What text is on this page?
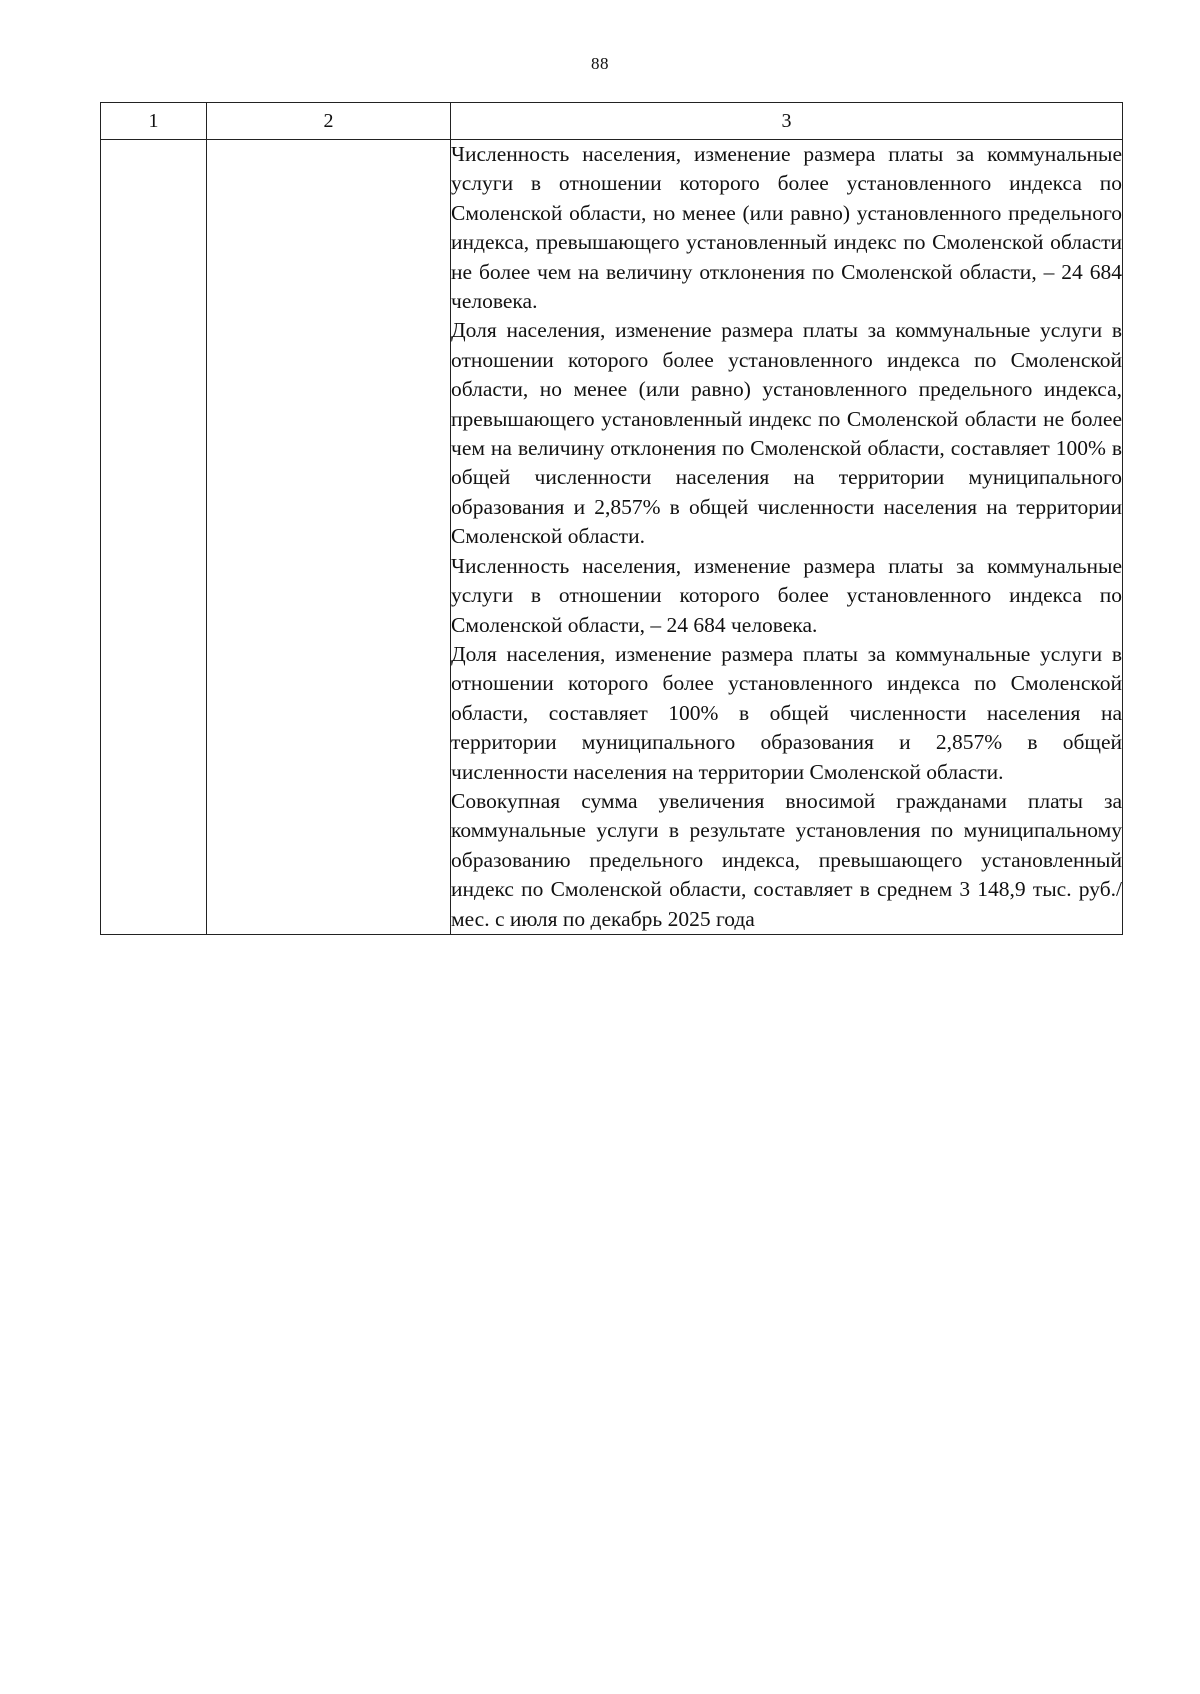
88
1	2	3

		Численность населения, изменение размера платы за коммунальные услуги в отношении которого более установленного индекса по Смоленской области, но менее (или равно) установленного предельного индекса, превышающего установленный индекс по Смоленской области не более чем на величину отклонения по Смоленской области, – 24 684 человека.

Доля населения, изменение размера платы за коммунальные услуги в отношении которого более установленного индекса по Смоленской области, но менее (или равно) установленного предельного индекса, превышающего установленный индекс по Смоленской области не более чем на величину отклонения по Смоленской области, составляет 100% в общей численности населения на территории муниципального образования и 2,857% в общей численности населения на территории Смоленской области.

Численность населения, изменение размера платы за коммунальные услуги в отношении которого более установленного индекса по Смоленской области, – 24 684 человека.

Доля населения, изменение размера платы за коммунальные услуги в отношении которого более установленного индекса по Смоленской области, составляет 100% в общей численности населения на территории муниципального образования и 2,857% в общей численности населения на территории Смоленской области.

Совокупная сумма увеличения вносимой гражданами платы за коммунальные услуги в результате установления по муниципальному образованию предельного индекса, превышающего установленный индекс по Смоленской области, составляет в среднем 3 148,9 тыс. руб./мес. с июля по декабрь 2025 года
